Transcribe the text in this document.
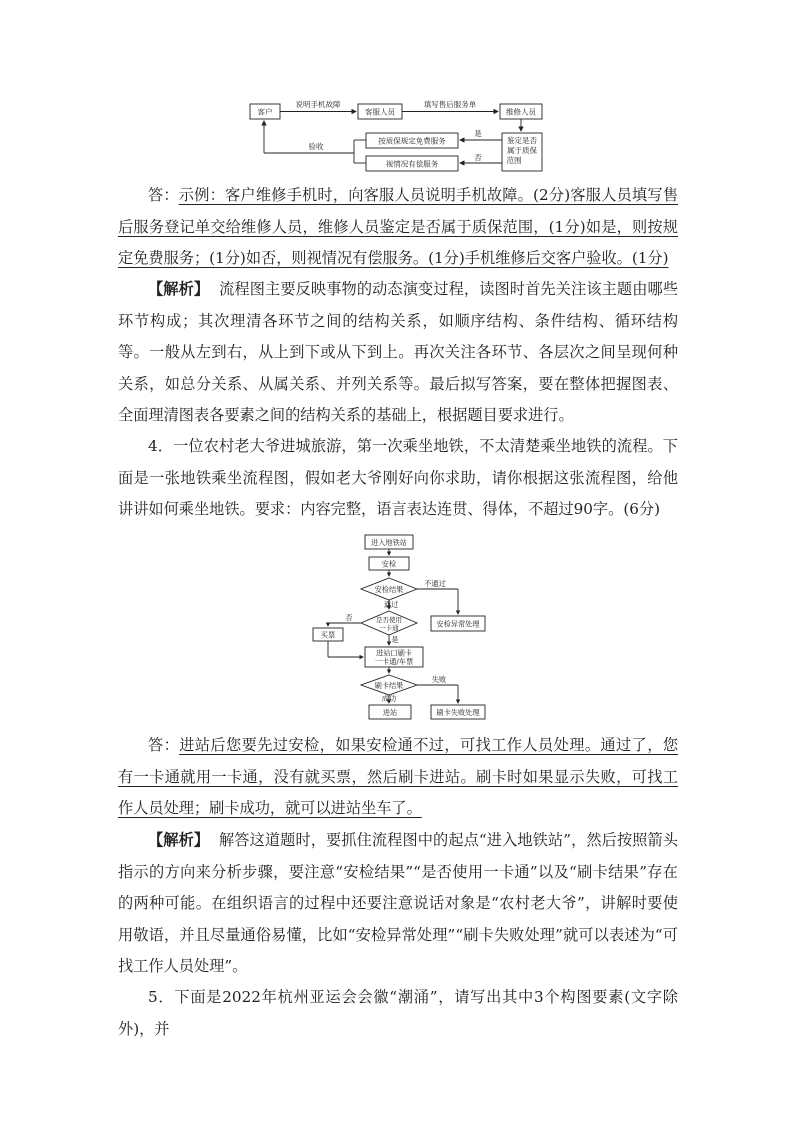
客户
说明手机故障
客服人员
填写售后服务单
维修人员
鉴定是否
属于质保
范围
是
否
按质保规定免费服务
视情况有偿服务
验收
答：示例：客户维修手机时，向客服人员说明手机故障。(2分)客服人员填写售后服务登记单交给维修人员，维修人员鉴定是否属于质保范围，(1分)如是，则按规定免费服务；(1分)如否，则视情况有偿服务。(1分)手机维修后交客户验收。(1分)
【解析】 流程图主要反映事物的动态演变过程，读图时首先关注该主题由哪些环节构成；其次理清各环节之间的结构关系，如顺序结构、条件结构、循环结构等。一般从左到右，从上到下或从下到上。再次关注各环节、各层次之间呈现何种关系，如总分关系、从属关系、并列关系等。最后拟写答案，要在整体把握图表、全面理清图表各要素之间的结构关系的基础上，根据题目要求进行。
4．一位农村老大爷进城旅游，第一次乘坐地铁，不太清楚乘坐地铁的流程。下面是一张地铁乘坐流程图，假如老大爷刚好向你求助，请你根据这张流程图，给他讲讲如何乘坐地铁。要求：内容完整，语言表达连贯、得体，不超过90字。(6分)
进入地铁站
安检
安检结果
不通过
通过
安检异常处理
是否使用
一卡通
否
是
买票
进站口刷卡
一卡通/车票
刷卡结果
失败
成功
进站	刷卡失败处理
答：进站后您要先过安检，如果安检通不过，可找工作人员处理。通过了，您有一卡通就用一卡通，没有就买票，然后刷卡进站。刷卡时如果显示失败，可找工作人员处理；刷卡成功，就可以进站坐车了。
【解析】 解答这道题时，要抓住流程图中的起点“进入地铁站”，然后按照箭头指示的方向来分析步骤，要注意“安检结果”“是否使用一卡通”以及“刷卡结果”存在的两种可能。在组织语言的过程中还要注意说话对象是“农村老大爷”，讲解时要使用敬语，并且尽量通俗易懂，比如“安检异常处理”“刷卡失败处理”就可以表述为“可找工作人员处理”。
5．下面是2022年杭州亚运会会徽“潮涌”，请写出其中3个构图要素(文字除外)，并
